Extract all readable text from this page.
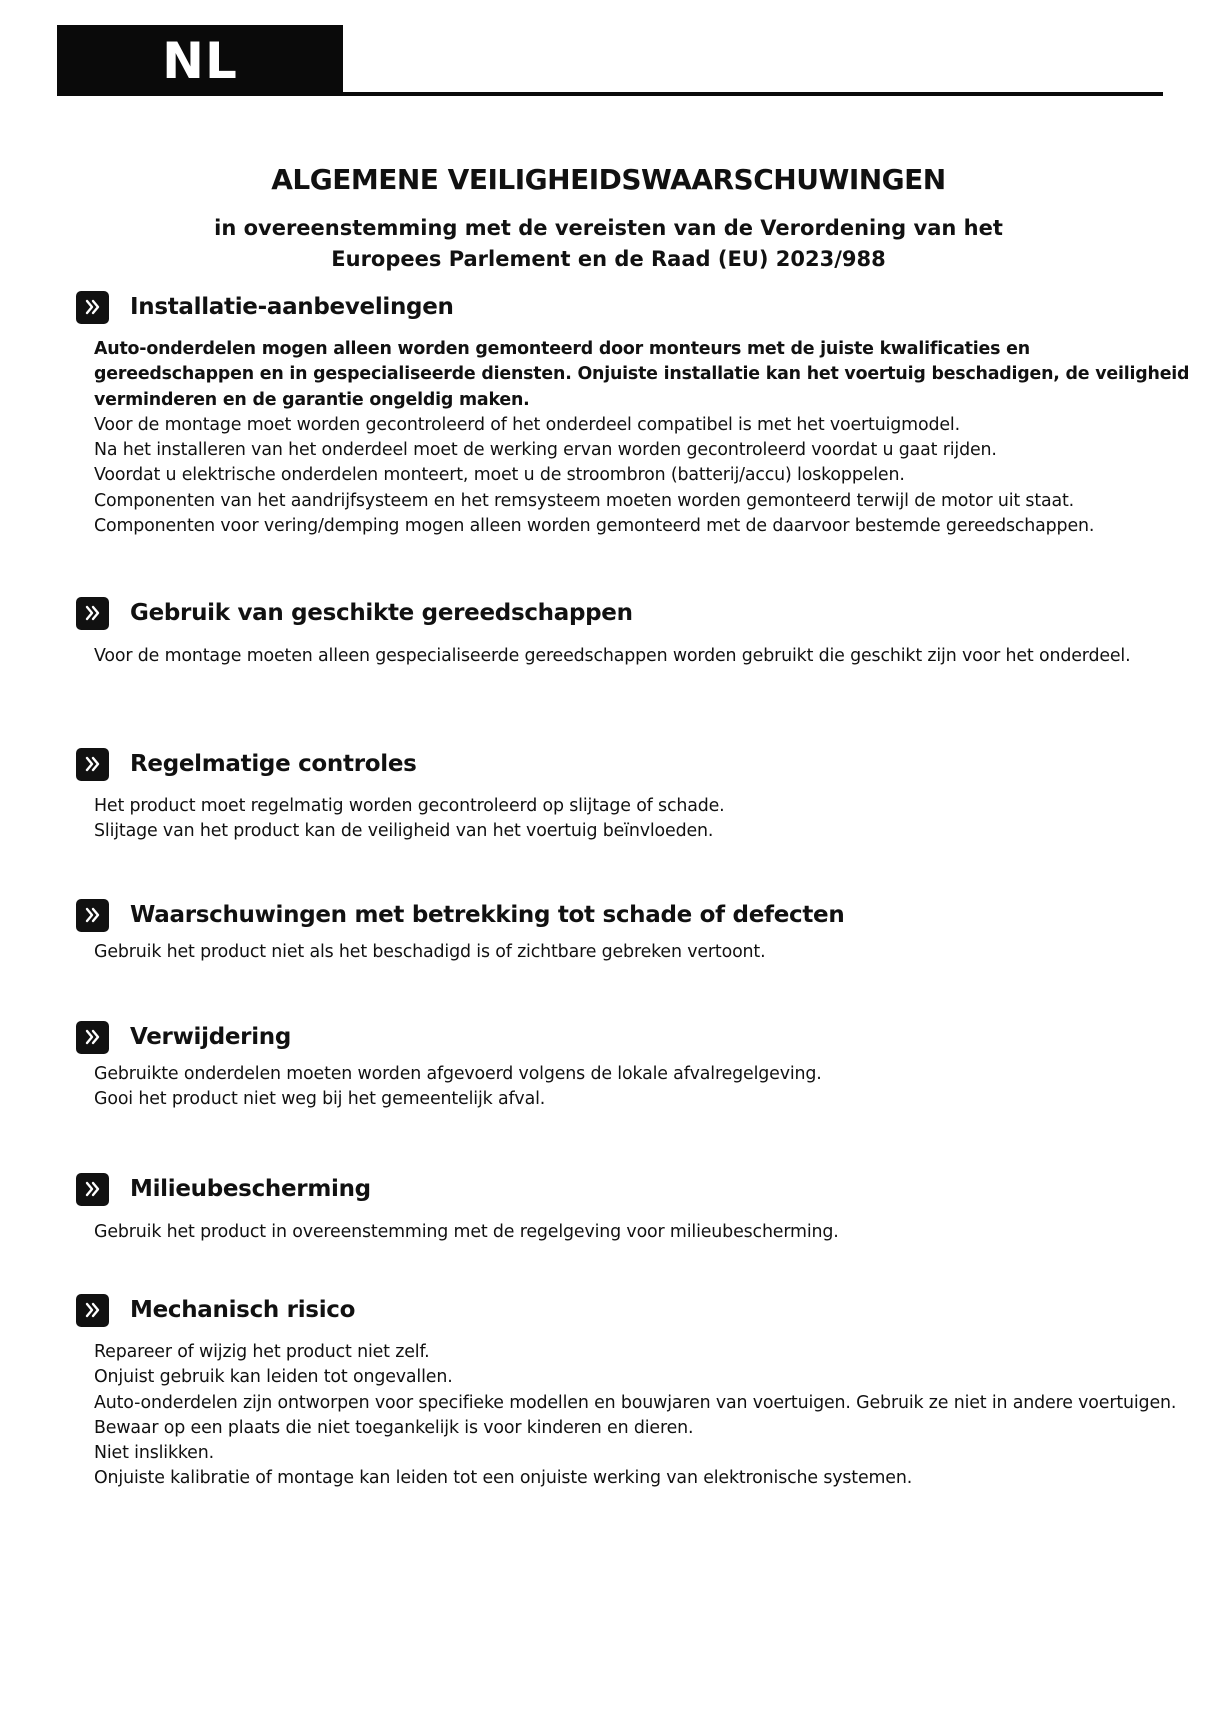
NL
ALGEMENE VEILIGHEIDSWAARSCHUWINGEN
in overeenstemming met de vereisten van de Verordening van het
Europees Parlement en de Raad (EU) 2023/988
Installatie-aanbevelingen
Auto-onderdelen mogen alleen worden gemonteerd door monteurs met de juiste kwalificaties en gereedschappen en in gespecialiseerde diensten. Onjuiste installatie kan het voertuig beschadigen, de veiligheid verminderen en de garantie ongeldig maken.
Voor de montage moet worden gecontroleerd of het onderdeel compatibel is met het voertuigmodel.
Na het installeren van het onderdeel moet de werking ervan worden gecontroleerd voordat u gaat rijden.
Voordat u elektrische onderdelen monteert, moet u de stroombron (batterij/accu) loskoppelen.
Componenten van het aandrijfsysteem en het remsysteem moeten worden gemonteerd terwijl de motor uit staat.
Componenten voor vering/demping mogen alleen worden gemonteerd met de daarvoor bestemde gereedschappen.
Gebruik van geschikte gereedschappen
Voor de montage moeten alleen gespecialiseerde gereedschappen worden gebruikt die geschikt zijn voor het onderdeel.
Regelmatige controles
Het product moet regelmatig worden gecontroleerd op slijtage of schade.
Slijtage van het product kan de veiligheid van het voertuig beïnvloeden.
Waarschuwingen met betrekking tot schade of defecten
Gebruik het product niet als het beschadigd is of zichtbare gebreken vertoont.
Verwijdering
Gebruikte onderdelen moeten worden afgevoerd volgens de lokale afvalregelgeving.
Gooi het product niet weg bij het gemeentelijk afval.
Milieubescherming
Gebruik het product in overeenstemming met de regelgeving voor milieubescherming.
Mechanisch risico
Repareer of wijzig het product niet zelf.
Onjuist gebruik kan leiden tot ongevallen.
Auto-onderdelen zijn ontworpen voor specifieke modellen en bouwjaren van voertuigen. Gebruik ze niet in andere voertuigen.
Bewaar op een plaats die niet toegankelijk is voor kinderen en dieren.
Niet inslikken.
Onjuiste kalibratie of montage kan leiden tot een onjuiste werking van elektronische systemen.
